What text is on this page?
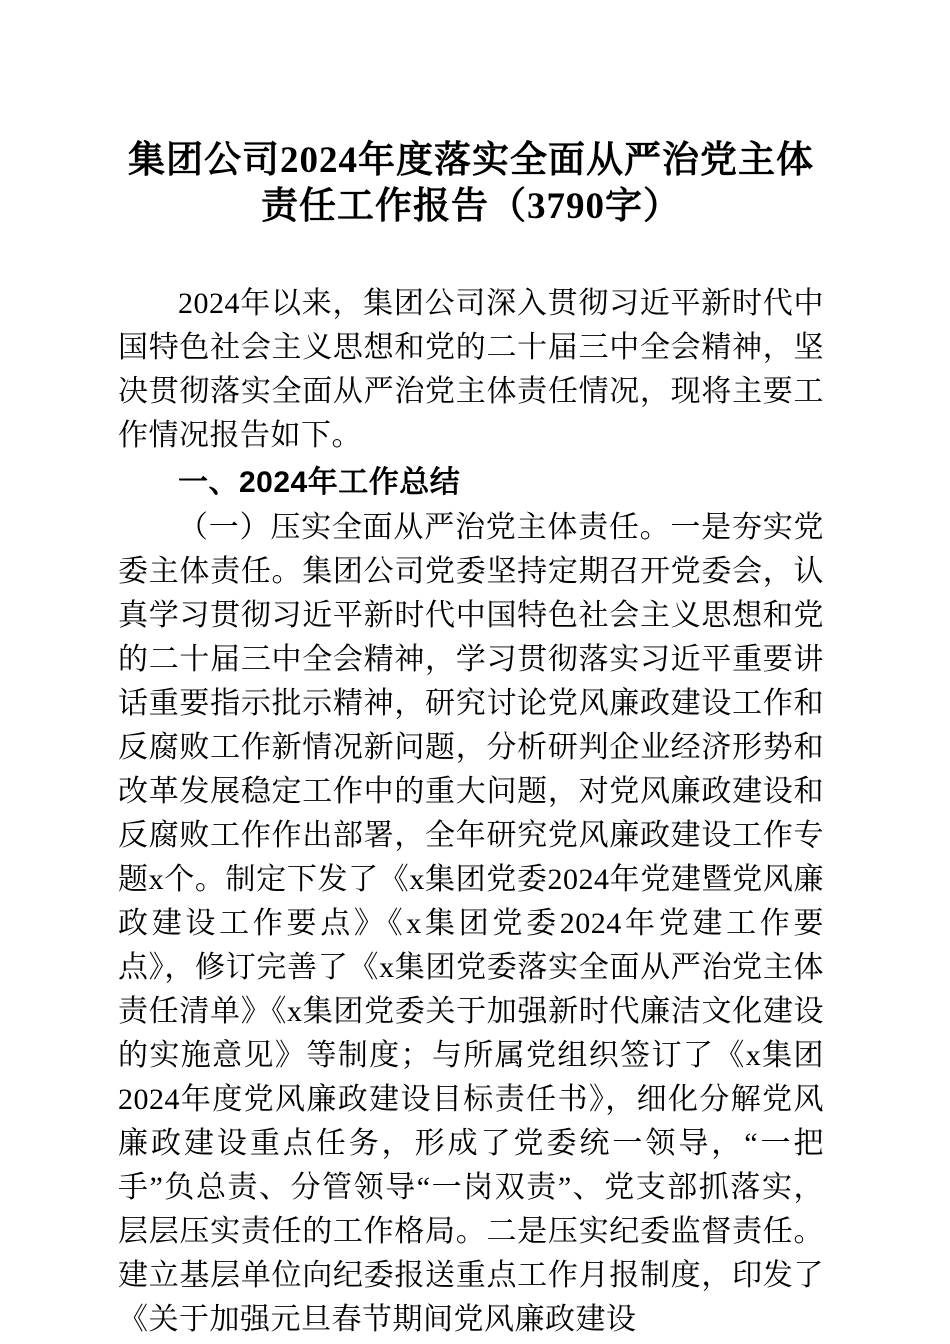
集团公司2024年度落实全面从严治党主体责任工作报告（3790字）

2024年以来，集团公司深入贯彻习近平新时代中国特色社会主义思想和党的二十届三中全会精神，坚决贯彻落实全面从严治党主体责任情况，现将主要工作情况报告如下。

一、2024年工作总结

（一）压实全面从严治党主体责任。一是夯实党委主体责任。集团公司党委坚持定期召开党委会，认真学习贯彻习近平新时代中国特色社会主义思想和党的二十届三中全会精神，学习贯彻落实习近平重要讲话重要指示批示精神，研究讨论党风廉政建设工作和反腐败工作新情况新问题，分析研判企业经济形势和改革发展稳定工作中的重大问题，对党风廉政建设和反腐败工作作出部署，全年研究党风廉政建设工作专题x个。制定下发了《x集团党委2024年党建暨党风廉政建设工作要点》《x集团党委2024年党建工作要点》，修订完善了《x集团党委落实全面从严治党主体责任清单》《x集团党委关于加强新时代廉洁文化建设的实施意见》等制度；与所属党组织签订了《x集团2024年度党风廉政建设目标责任书》，细化分解党风廉政建设重点任务，形成了党委统一领导，“一把手”负总责、分管领导“一岗双责”、党支部抓落实，层层压实责任的工作格局。二是压实纪委监督责任。建立基层单位向纪委报送重点工作月报制度，印发了《关于加强元旦春节期间党风廉政建设
